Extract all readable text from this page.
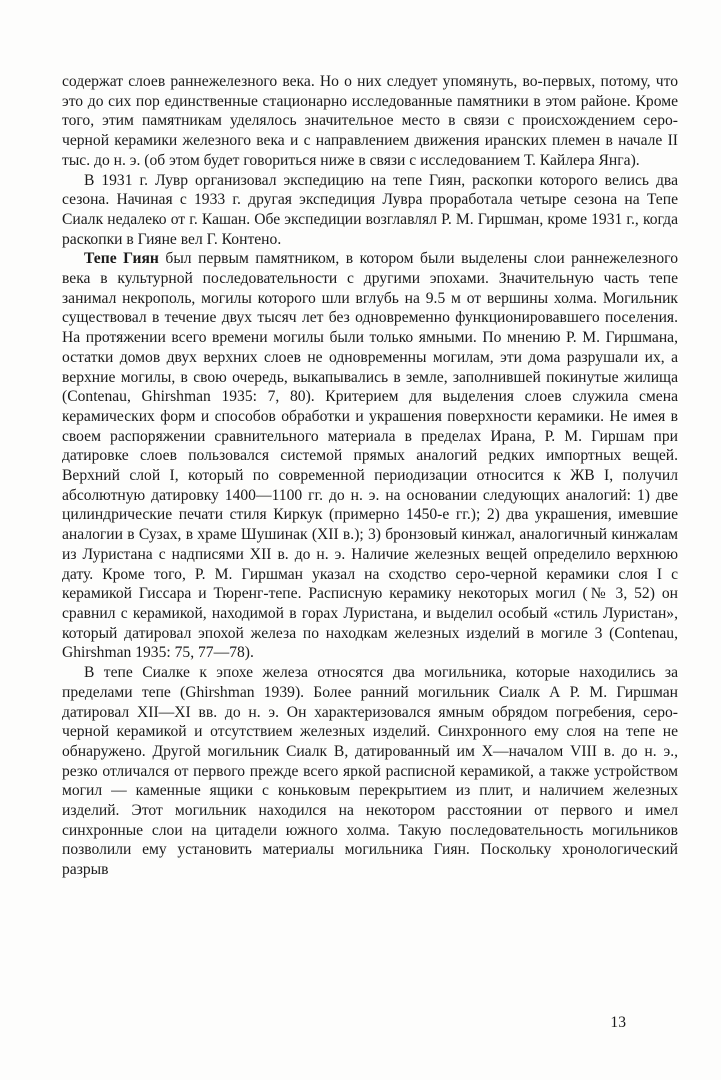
содержат слоев раннежелезного века. Но о них следует упомянуть, во-первых, потому, что это до сих пор единственные стационарно исследованные памятники в этом районе. Кроме того, этим памятникам уделялось значительное место в связи с происхождением серо-черной керамики железного века и с направлением движения иранских племен в начале II тыс. до н. э. (об этом будет говориться ниже в связи с исследованием Т. Кайлера Янга).

В 1931 г. Лувр организовал экспедицию на тепе Гиян, раскопки которого велись два сезона. Начиная с 1933 г. другая экспедиция Лувра проработала четыре сезона на Тепе Сиалк недалеко от г. Кашан. Обе экспедиции возглавлял Р. М. Гиршман, кроме 1931 г., когда раскопки в Гияне вел Г. Контено.

Тепе Гиян был первым памятником, в котором были выделены слои раннежелезного века в культурной последовательности с другими эпохами. Значительную часть тепе занимал некрополь, могилы которого шли вглубь на 9.5 м от вершины холма. Могильник существовал в течение двух тысяч лет без одновременно функционировавшего поселения. На протяжении всего времени могилы были только ямными. По мнению Р. М. Гиршмана, остатки домов двух верхних слоев не одновременны могилам, эти дома разрушали их, а верхние могилы, в свою очередь, выкапывались в земле, заполнившей покинутые жилища (Contenau, Ghirshman 1935: 7, 80). Критерием для выделения слоев служила смена керамических форм и способов обработки и украшения поверхности керамики. Не имея в своем распоряжении сравнительного материала в пределах Ирана, Р. М. Гиршам при датировке слоев пользовался системой прямых аналогий редких импортных вещей. Верхний слой I, который по современной периодизации относится к ЖВ I, получил абсолютную датировку 1400—1100 гг. до н. э. на основании следующих аналогий: 1) две цилиндрические печати стиля Киркук (примерно 1450-е гг.); 2) два украшения, имевшие аналогии в Сузах, в храме Шушинак (XII в.); 3) бронзовый кинжал, аналогичный кинжалам из Луристана с надписями XII в. до н. э. Наличие железных вещей определило верхнюю дату. Кроме того, Р. М. Гиршман указал на сходство серо-черной керамики слоя I с керамикой Гиссара и Тюренг-тепе. Расписную керамику некоторых могил (№ 3, 52) он сравнил с керамикой, находимой в горах Луристана, и выделил особый «стиль Луристан», который датировал эпохой железа по находкам железных изделий в могиле 3 (Contenau, Ghirshman 1935: 75, 77—78).

В тепе Сиалке к эпохе железа относятся два могильника, которые находились за пределами тепе (Ghirshman 1939). Более ранний могильник Сиалк А Р. М. Гиршман датировал XII—XI вв. до н. э. Он характеризовался ямным обрядом погребения, серо-черной керамикой и отсутствием железных изделий. Синхронного ему слоя на тепе не обнаружено. Другой могильник Сиалк В, датированный им X—началом VIII в. до н. э., резко отличался от первого прежде всего яркой расписной керамикой, а также устройством могил — каменные ящики с коньковым перекрытием из плит, и наличием железных изделий. Этот могильник находился на некотором расстоянии от первого и имел синхронные слои на цитадели южного холма. Такую последовательность могильников позволили ему установить материалы могильника Гиян. Поскольку хронологический разрыв

13
